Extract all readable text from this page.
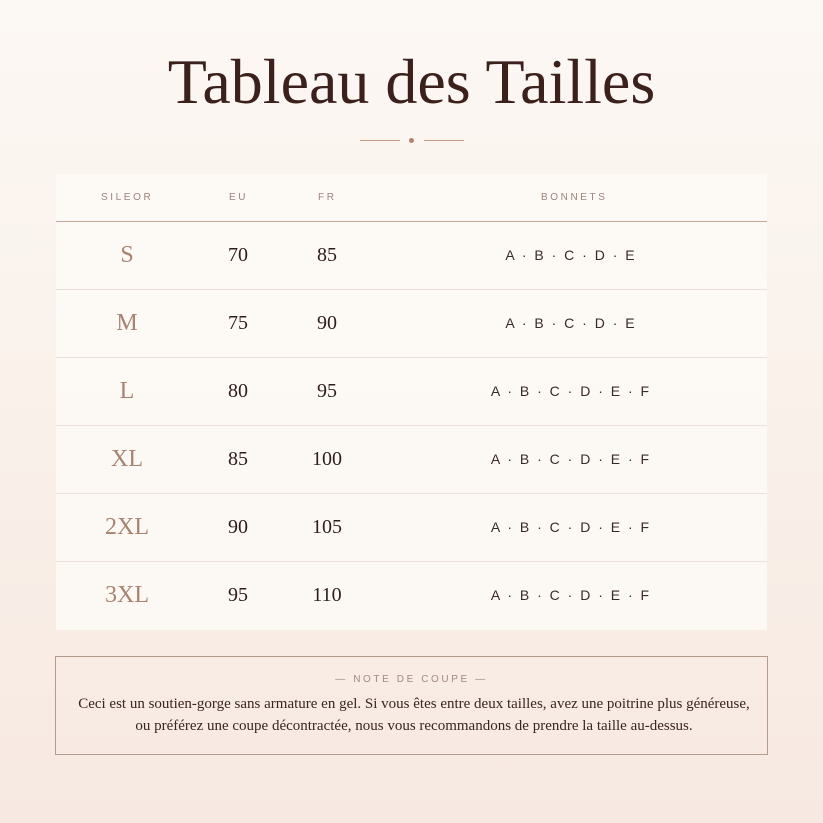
Tableau des Tailles
SILEOR	EU	FR	BONNETS
S	70	85	A · B · C · D · E
M	75	90	A · B · C · D · E
L	80	95	A · B · C · D · E · F
XL	85	100	A · B · C · D · E · F
2XL	90	105	A · B · C · D · E · F
3XL	95	110	A · B · C · D · E · F
— NOTE DE COUPE —
Ceci est un soutien-gorge sans armature en gel. Si vous êtes entre deux tailles, avez une poitrine plus généreuse, ou préférez une coupe décontractée, nous vous recommandons de prendre la taille au-dessus.
